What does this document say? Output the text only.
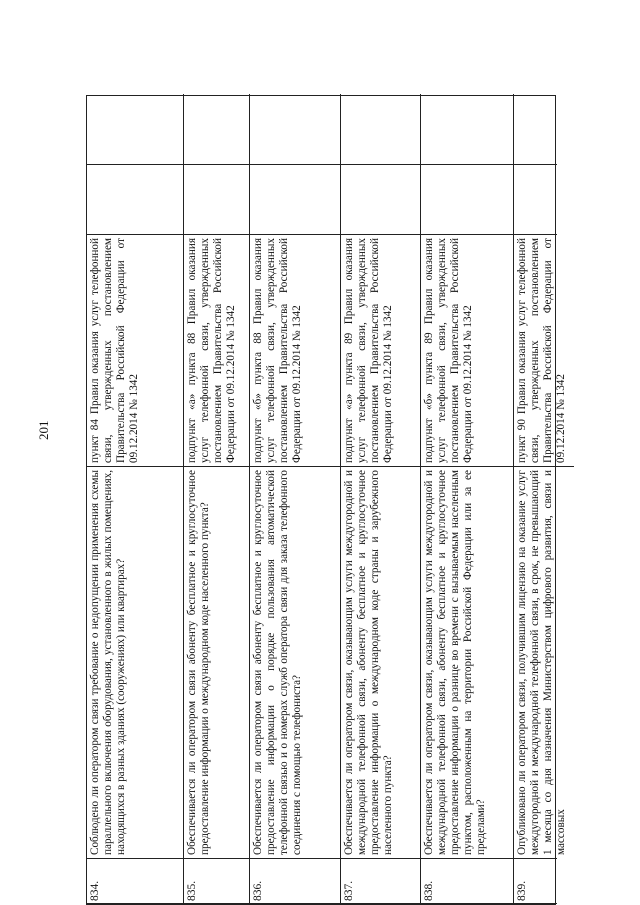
201
834.
Соблюдено ли оператором связи требование о недопущении применения схемы параллельного включения оборудования, установленного в жилых помещениях, находящихся в разных зданиях (сооружениях) или квартирах?
пункт 84 Правил оказания услуг телефонной связи, утвержденных постановлением Правительства Российской Федерации от 09.12.2014 № 1342
835.
Обеспечивается ли оператором связи абоненту бесплатное и круглосуточное предоставление информации о международном коде населенного пункта?
подпункт «а» пункта 88 Правил оказания услуг телефонной связи, утвержденных постановлением Правительства Российской Федерации от 09.12.2014 № 1342
836.
Обеспечивается ли оператором связи абоненту бесплатное и круглосуточное предоставление информации о порядке пользования автоматической телефонной связью и о номерах служб оператора связи для заказа телефонного соединения с помощью телефониста?
подпункт «б» пункта 88 Правил оказания услуг телефонной связи, утвержденных постановлением Правительства Российской Федерации от 09.12.2014 № 1342
837.
Обеспечивается ли оператором связи, оказывающим услуги междугородной и международной телефонной связи, абоненту бесплатное и круглосуточное предоставление информации о международном коде страны и зарубежного населенного пункта?
подпункт «а» пункта 89 Правил оказания услуг телефонной связи, утвержденных постановлением Правительства Российской Федерации от 09.12.2014 № 1342
838.
Обеспечивается ли оператором связи, оказывающим услуги междугородной и международной телефонной связи, абоненту бесплатное и круглосуточное предоставление информации о разнице во времени с вызываемым населенным пунктом, расположенным на территории Российской Федерации или за ее пределами?
подпункт «б» пункта 89 Правил оказания услуг телефонной связи, утвержденных постановлением Правительства Российской Федерации от 09.12.2014 № 1342
839.
Опубликовано ли оператором связи, получившим лицензию на оказание услуг междугородной и международной телефонной связи, в срок, не превышающий 1 месяца со дня назначения Министерством цифрового развития, связи и массовых
пункт 90 Правил оказания услуг телефонной связи, утвержденных постановлением Правительства Российской Федерации от 09.12.2014 № 1342
